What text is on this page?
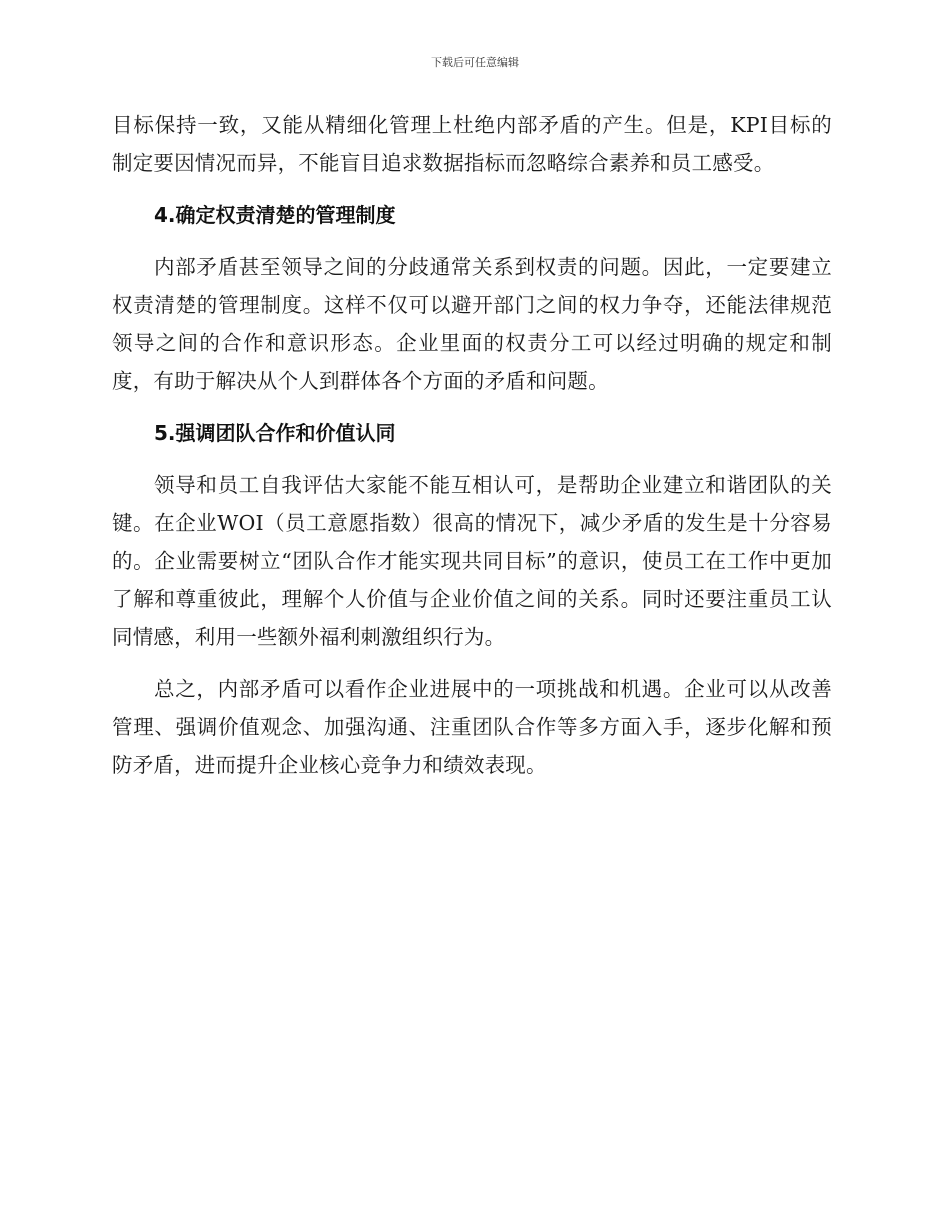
下载后可任意编辑

目标保持一致，又能从精细化管理上杜绝内部矛盾的产生。但是，KPI目标的制定要因情况而异，不能盲目追求数据指标而忽略综合素养和员工感受。

4.确定权责清楚的管理制度

内部矛盾甚至领导之间的分歧通常关系到权责的问题。因此，一定要建立权责清楚的管理制度。这样不仅可以避开部门之间的权力争夺，还能法律规范领导之间的合作和意识形态。企业里面的权责分工可以经过明确的规定和制度，有助于解决从个人到群体各个方面的矛盾和问题。

5.强调团队合作和价值认同

领导和员工自我评估大家能不能互相认可，是帮助企业建立和谐团队的关键。在企业WOI（员工意愿指数）很高的情况下，减少矛盾的发生是十分容易的。企业需要树立“团队合作才能实现共同目标”的意识，使员工在工作中更加了解和尊重彼此，理解个人价值与企业价值之间的关系。同时还要注重员工认同情感，利用一些额外福利刺激组织行为。

总之，内部矛盾可以看作企业进展中的一项挑战和机遇。企业可以从改善管理、强调价值观念、加强沟通、注重团队合作等多方面入手，逐步化解和预防矛盾，进而提升企业核心竞争力和绩效表现。
